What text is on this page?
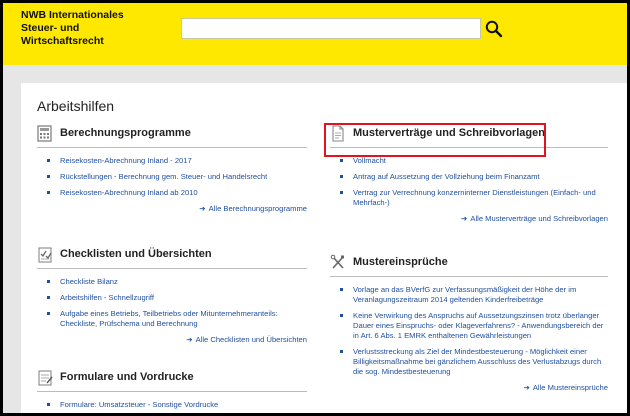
NWB Internationales
Steuer- und
Wirtschaftsrecht
Arbeitshilfen
Berechnungsprogramme
Reisekosten-Abrechnung Inland - 2017
Rückstellungen - Berechnung gem. Steuer- und Handelsrecht
Reisekosten-Abrechnung Inland ab 2010
➔ Alle Berechnungsprogramme
Musterverträge und Schreibvorlagen
Vollmacht
Antrag auf Aussetzung der Vollziehung beim Finanzamt
Vertrag zur Verrechnung konzerninterner Dienstleistungen (Einfach- und Mehrfach-)
➔ Alle Musterverträge und Schreibvorlagen
Checklisten und Übersichten
Checkliste Bilanz
Arbeitshilfen - Schnellzugriff
Aufgabe eines Betriebs, Teilbetriebs oder Mitunternehmeranteils: Checkliste, Prüfschema und Berechnung
➔ Alle Checklisten und Übersichten
Mustereinsprüche
Vorlage an das BVerfG zur Verfassungsmäßigkeit der Höhe der im Veranlagungszeitraum 2014 geltenden Kinderfreibeträge
Keine Verwirkung des Anspruchs auf Aussetzungszinsen trotz überlanger Dauer eines Einspruchs- oder Klageverfahrens? - Anwendungsbereich der in Art. 6 Abs. 1 EMRK enthaltenen Gewährleistungen
Verlustsstreckung als Ziel der Mindestbesteuerung - Möglichkeit einer Billigkeitsmaßnahme bei gänzlichem Ausschluss des Verlustabzugs durch die sog. Mindestbesteuerung
➔ Alle Mustereinsprüche
Formulare und Vordrucke
Formulare: Umsatzsteuer - Sonstige Vordrucke
